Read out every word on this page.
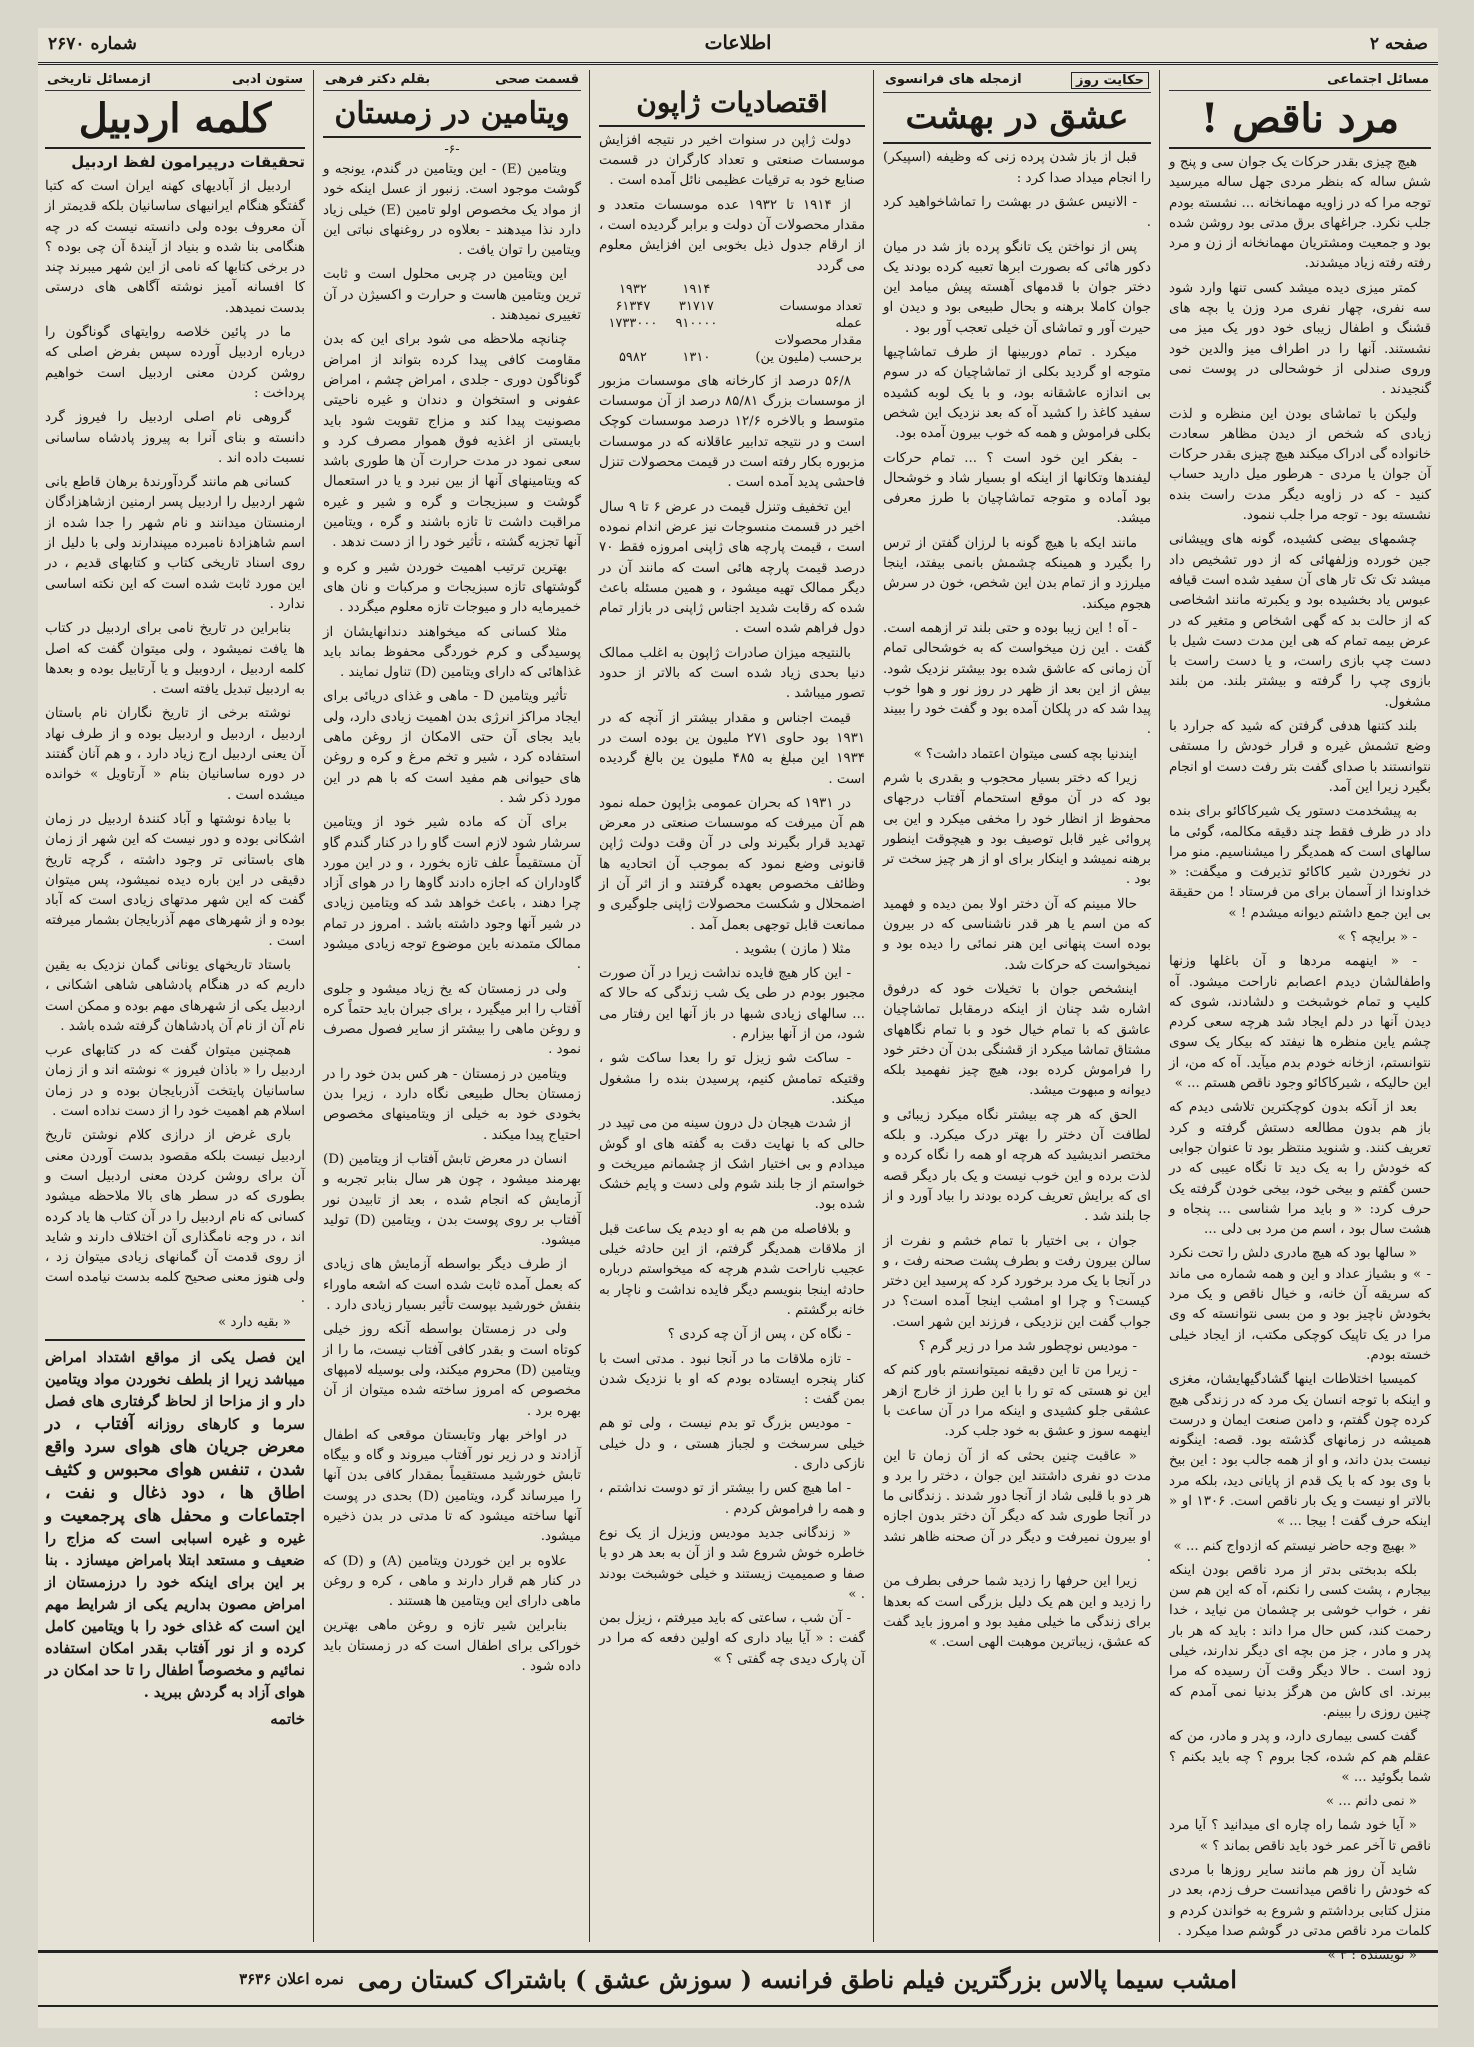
صفحه ۲
اطلاعات
شماره ۲۶۷۰
مسائل اجتماعی
مرد ناقص !

هیچ چیزی بقدر حرکات یک جوان سی و پنج و شش ساله که بنظر مردی جهل ساله میرسید توجه مرا که در زاویه مهمانخانه ... نشسته بودم جلب نکرد. جراغهای برق مدتی بود روشن شده بود و جمعیت ومشتریان مهمانخانه از زن و مرد رفته رفته زیاد میشدند.

کمتر میزی دیده میشد کسی تنها وارد شود سه نفری، چهار نفری مرد وزن یا بچه های قشنگ و اطفال زیبای خود دور یک میز می نشستند. آنها را در اطراف میز والدین خود وروی صندلی از خوشحالی در پوست نمی گنجیدند .

ولیکن با تماشای بودن این منظره و لذت زیادی که شخص از دیدن مظاهر سعادت خانواده گی ادراک میکند هیچ چیزی بقدر حرکات آن جوان یا مردی - هرطور میل دارید حساب کنید - که در زاویه دیگر مدت راست بنده نشسته بود - توجه مرا جلب ننمود.

چشمهای بیضی کشیده، گونه های وپیشانی جین خورده وزلفهائی که از دور تشخیص داد میشد تک تک تار های آن سفید شده است قیافه عبوس یاد بخشیده بود و یکبرته مانند اشخاصی که از حالت بد که گهی اشخاص و متغیر که در عرض بیمه تمام که هی این مدت دست شیل با دست چپ بازی راست، و یا دست راست با بازوی چپ را گرفته و بیشتر بلند. من بلند مشغول.

بلند کتنها هدفی گرفتن که شید که جرارد با وضع تشمش غیره و قرار خودش را مستفی نتوانستند با صدای گفت بتر رفت دست او انجام بگیرد زیرا این آمد.

به پیشخدمت دستور یک شیرکاکائو برای بنده داد در ظرف فقط چند دقیقه مکالمه، گوئی ما سالهای است که همدیگر را میشناسیم. منو مرا در نخوردن شیر کاکائو تذیرفت و میگفت: « خداوندا از آسمان برای من فرستاد ! من حقیقة بی این جمع داشتم دیوانه میشدم ! »

- « برایچه ؟ »

- « اینهمه مردها و آن باغلها وزنها واطفالشان دیدم اعصابم ناراحت میشود. آه کلیپ و تمام خوشبخت و دلشادند، شوی که دیدن آنها در دلم ایجاد شد هرچه سعی کردم چشم یاین منظره ها نیفتد که بیکار یک سوی نتوانستم، ازخانه خودم بدم میآید. آه که من، از این حالیکه ، شیرکاکائو وجود ناقص هستم ... »

بعد از آنکه بدون کوچکترین تلاشی دیدم که باز هم بدون مطالعه دستش گرفته و کرد تعریف کنند. و شنوید منتظر بود تا عنوان جوابی که خودش را به یک دید تا نگاه عیبی که در حسن گفتم و بیخی خود، بیخی خودن گرفته یک حرف کرد: « و باید مرا شناسی ... پنجاه و هشت سال بود ، اسم من مرد بی دلی ...

« سالها بود که هیچ مادری دلش را تحت نکرد - » و بشیاز عداد و این و همه شماره می ماند که سریقه آن خانه، و خیال ناقص و یک مرد بخودش ناچیز بود و من بسی نتوانسته که وی مرا در یک تاپیک کوچکی مکتب، از ایجاد خیلی خسته بودم.

کمیسیا اختلاطات اینها گشادگیهایشان، مغزی و اینکه با توجه انسان یک مرد که در زندگی هیچ کرده چون گفتم، و دامن صنعت ایمان و درست همیشه در زمانهای گذشته بود. قصه: اینگونه نیست بدن داند، و او از همه جالب بود : این بیخ با وی بود که با یک قدم از پایانی دید، بلکه مرد بالاتر او نیست و یک بار ناقص است. ۱۳۰۶ او « اینکه حرف گفت ! بیجا ... »

« بهیچ وجه حاضر نیستم که ازدواج کنم ... »

بلکه بدبختی بدتر از مرد ناقص بودن اینکه بیجارم ، پشت کسی را نکنم، آه که این هم سن نفر ، خواب خوشی بر چشمان من نیاید ، خدا رحمت کند، کس حال مرا داند : باید که هر بار پدر و مادر ، جز من بچه ای دیگر ندارند، خیلی زود است . حالا دیگر وقت آن رسیده که مرا ببرند. ای کاش من هرگز بدنیا نمی آمدم که چنین روزی را ببینم.

گفت کسی بیماری دارد، و پدر و مادر، من که عقلم هم کم شده، کجا بروم ؟ چه باید بکنم ؟ شما بگوئید ... »

« نمی دانم ... »

« آیا خود شما راه چاره ای میدانید ؟ آیا مرد ناقص تا آخر عمر خود باید ناقص بماند ؟ »

شاید آن روز هم مانند سایر روزها با مردی که خودش را ناقص میدانست حرف زدم، بعد در منزل کتابی برداشتم و شروع به خواندن کردم و کلمات مرد ناقص مدتی در گوشم صدا میکرد .

« نویسنده : ۳ »

حکایت روز
ازمجله های فرانسوی
عشق در بهشت

قبل از باز شدن پرده زنی که وظیفه (اسپیکر) را انجام میداد صدا کرد :

- الانیس عشق در بهشت را تماشاخواهید کرد .

پس از نواختن یک تانگو پرده باز شد در میان دکور هائی که بصورت ابرها تعبیه کرده بودند یک دختر جوان با قدمهای آهسته پیش میامد این جوان کاملا برهنه و بحال طبیعی بود و دیدن او حیرت آور و تماشای آن خیلی تعجب آور بود .

میکرد . تمام دوربینها از طرف تماشاچیها متوجه او گردید بکلی از تماشاچیان که در سوم بی اندازه عاشقانه بود، و با یک لوبه کشیده سفید کاغذ را کشید آه که بعد نزدیک این شخص بکلی فراموش و همه که خوب بیرون آمده بود.

- بفکر این خود است ؟ ... تمام حرکات لیفندها وتکانها از اینکه او بسیار شاد و خوشحال بود آماده و متوجه تماشاچیان با طرز معرفی میشد.

مانند ایکه با هیچ گونه با لرزان گفتن از ترس را بگیرد و همینکه چشمش بانمی بیفتد، اینجا میلرزد و از تمام بدن این شخص، خون در سرش هجوم میکند.

- آه ! این زیبا بوده و حتی بلند تر ازهمه است. گفت . این زن میخواست که به خوشحالی تمام آن زمانی که عاشق شده بود بیشتر نزدیک شود. بیش از این بعد از ظهر در روز نور و هوا خوب پیدا شد که در پلکان آمده بود و گفت خود را ببیند .

ایندنیا بچه کسی میتوان اعتماد داشت؟ »

زیرا که دختر بسیار محجوب و بقدری با شرم بود که در آن موقع استحمام آفتاب درجهای محفوظ از انظار خود را مخفی میکرد و این بی پروائی غیر قابل توصیف بود و هیچوقت اینطور برهنه نمیشد و اینکار برای او از هر چیز سخت تر بود .

حالا مبینم که آن دختر اولا بمن دیده و فهمید که من اسم یا هر قدر ناشناسی که در بیرون بوده است پنهانی این هنر نمائی را دیده بود و نمیخواست که حرکات شد.

اینشخص جوان با تخیلات خود که درفوق اشاره شد چنان از اینکه درمقابل تماشاچیان عاشق که با تمام خیال خود و با تمام نگاههای مشتاق تماشا میکرد از قشنگی بدن آن دختر خود را فراموش کرده بود، هیچ چیز نفهمید بلکه دیوانه و مبهوت میشد.

الحق که هر چه بیشتر نگاه میکرد زیبائی و لطافت آن دختر را بهتر درک میکرد. و بلکه مختصر اندیشید که هرچه او همه را نگاه کرده و لذت برده و این خوب نیست و یک بار دیگر قصه ای که برایش تعریف کرده بودند را بیاد آورد و از جا بلند شد .

جوان ، بی اختیار با تمام خشم و نفرت از سالن بیرون رفت و بطرف پشت صحنه رفت ، و در آنجا با یک مرد برخورد کرد که پرسید این دختر کیست؟ و چرا او امشب اینجا آمده است؟ در جواب گفت این نزدیکی ، فرزند این شهر است.

- مودیس نوچطور شد مرا در زیر گرم ؟

- زیرا من تا این دقیقه نمیتوانستم باور کنم که این نو هستی که تو را با این طرز از خارج ازهر عشقی جلو کشیدی و اینکه مرا در آن ساعت با اینهمه سوز و عشق به خود جلب کرد.

« عاقبت چنین بحثی که از آن زمان تا این مدت دو نفری داشتند این جوان ، دختر را برد و هر دو با قلبی شاد از آنجا دور شدند . زندگانی ما در آنجا طوری شد که دیگر آن دختر بدون اجازه او بیرون نمیرفت و دیگر در آن صحنه ظاهر نشد .

زیرا این حرفها را زدید شما حرفی بطرف من را زدید و این هم یک دلیل بزرگی است که بعدها برای زندگی ما خیلی مفید بود و امروز باید گفت که عشق، زیباترین موهبت الهی است. »

اقتصادیات ژاپون

دولت ژاپن در سنوات اخیر در نتیجه افزایش موسسات صنعتی و تعداد کارگران در قسمت صنایع خود به ترقیات عظیمی نائل آمده است .

از ۱۹۱۴ تا ۱۹۳۲ عده موسسات متعدد و مقدار محصولات آن دولت و برابر گردیده است ، از ارقام جدول ذیل بخوبی این افزایش معلوم می گردد

	۱۹۱۴	۱۹۳۲
تعداد موسسات	۳۱۷۱۷	۶۱۳۴۷
عمله	۹۱۰۰۰۰	۱۷۳۳۰۰۰
مقدار محصولات		
برحسب (ملیون ین)	۱۳۱۰	۵۹۸۲

۵۶/۸ درصد از کارخانه های موسسات مزبور از موسسات بزرگ ۸۵/۸۱ درصد از آن موسسات متوسط و بالاخره ۱۲/۶ درصد موسسات کوچک است و در نتیجه تدابیر عاقلانه که در موسسات مزبوره بکار رفته است در قیمت محصولات تنزل فاحشی پدید آمده است .

این تخفیف وتنزل قیمت در عرض ۶ تا ۹ سال اخیر در قسمت منسوجات نیز عرض اندام نموده است ، قیمت پارچه های ژاپنی امروزه فقط ۷۰ درصد قیمت پارچه هائی است که مانند آن در دیگر ممالک تهیه میشود ، و همین مسئله باعث شده که رقابت شدید اجناس ژاپنی در بازار تمام دول فراهم شده است .

بالنتیجه میزان صادرات ژاپون به اغلب ممالک دنیا بحدی زیاد شده است که بالاتر از حدود تصور میباشد .

قیمت اجناس و مقدار بیشتر از آنچه که در ۱۹۳۱ بود حاوی ۲۷۱ ملیون ین بوده است در ۱۹۳۴ این مبلغ به ۴۸۵ ملیون ین بالغ گردیده است .

در ۱۹۳۱ که بحران عمومی بژاپون حمله نمود هم آن میرفت که موسسات صنعتی در معرض تهدید قرار بگیرند ولی در آن وقت دولت ژاپن قانونی وضع نمود که بموجب آن اتحادیه ها وظائف مخصوص بعهده گرفتند و از اثر آن از اضمحلال و شکست محصولات ژاپنی جلوگیری و ممانعت قابل توجهی بعمل آمد .

مثلا ( مازن ) بشوید .

- این کار هیچ فایده نداشت زیرا در آن صورت مجبور بودم در طی یک شب زندگی که حالا که ... سالهای زیادی شبها در باز آنها این رفتار می شود، من از آنها بیزارم .

- ساکت شو زیزل تو را بعدا ساکت شو ، وقتیکه تمامش کنیم، پرسیدن بنده را مشغول میکند.

از شدت هیجان دل درون سینه من می تپید در حالی که با نهایت دقت به گفته های او گوش میدادم و بی اختیار اشک از چشمانم میریخت و خواستم از جا بلند شوم ولی دست و پایم خشک شده بود.

و بلافاصله من هم به او دیدم یک ساعت قبل از ملاقات همدیگر گرفتم، از این حادثه خیلی عجیب ناراحت شدم هرچه که میخواستم درباره حادثه اینجا بنویسم دیگر فایده نداشت و ناچار به خانه برگشتم .

- نگاه کن ، پس از آن چه کردی ؟

- تازه ملاقات ما در آنجا نبود . مدتی است با کنار پنجره ایستاده بودم که او با نزدیک شدن بمن گفت :

- مودیس بزرگ تو بدم نیست ، ولی تو هم خیلی سرسخت و لجباز هستی ، و دل خیلی نازکی داری .

- اما هیچ کس را بیشتر از تو دوست نداشتم ، و همه را فراموش کردم .

« زندگانی جدید مودیس وزیزل از یک نوع خاطره خوش شروع شد و از آن به بعد هر دو با صفا و صمیمیت زیستند و خیلی خوشبخت بودند . »

- آن شب ، ساعتی که باید میرفتم ، زیزل بمن گفت : « آیا بیاد داری که اولین دفعه که مرا در آن پارک دیدی چه گفتی ؟ »

قسمت صحی
بقلم دکتر فرهی
ویتامین در زمستان
-۶-

ویتامین (E) - این ویتامین در گندم، یونجه و گوشت موجود است. زنبور از عسل اینکه خود از مواد یک مخصوص اولو تامین (E) خیلی زیاد دارد نذا میدهند - بعلاوه در روغنهای نباتی این ویتامین را توان یافت .

این ویتامین در چربی محلول است و ثابت ترین ویتامین هاست و حرارت و اکسیژن در آن تغییری نمیدهند .

چنانچه ملاحظه می شود برای این که بدن مقاومت کافی پیدا کرده بتواند از امراض گوناگون دوری - جلدی ، امراض چشم ، امراض عفونی و استخوان و دندان و غیره ناحیتی مصونیت پیدا کند و مزاج تقویت شود باید بایستی از اغذیه فوق هموار مصرف کرد و سعی نمود در مدت حرارت آن ها طوری باشد که ویتامینهای آنها از بین نبرد و یا در استعمال گوشت و سبزیجات و گره و شیر و غیره مراقبت داشت تا تازه باشند و گره ، ویتامین آنها تجزیه گشته ، تأثیر خود را از دست ندهد .

بهترین ترتیب اهمیت خوردن شیر و کره و گوشتهای تازه سبزیجات و مرکبات و نان های خمیرمایه دار و میوجات تازه معلوم میگردد .

مثلا کسانی که میخواهند دندانهایشان از پوسیدگی و کرم خوردگی محفوظ بماند باید غذاهائی که دارای ویتامین (D) تناول نمایند .

تأثیر ویتامین D - ماهی و غذای دریائی برای ایجاد مراکز انرژی بدن اهمیت زیادی دارد، ولی باید بجای آن حتی الامکان از روغن ماهی استفاده کرد ، شیر و تخم مرغ و کره و روغن های حیوانی هم مفید است که با هم در این مورد ذکر شد .

برای آن که ماده شیر خود از ویتامین سرشار شود لازم است گاو را در کنار گندم گاو آن مستقیماً علف تازه بخورد ، و در این مورد گاوداران که اجازه دادند گاوها را در هوای آزاد چرا دهند ، باعث خواهد شد که ویتامین زیادی در شیر آنها وجود داشته باشد . امروز در تمام ممالک متمدنه باین موضوع توجه زیادی میشود .

ولی در زمستان که یخ زیاد میشود و جلوی آفتاب را ابر میگیرد ، برای جبران باید حتماً کره و روغن ماهی را بیشتر از سایر فصول مصرف نمود .

ویتامین در زمستان - هر کس بدن خود را در زمستان بحال طبیعی نگاه دارد ، زیرا بدن بخودی خود به خیلی از ویتامینهای مخصوص احتیاج پیدا میکند .

انسان در معرض تابش آفتاب از ویتامین (D) بهرمند میشود ، چون هر سال بنابر تجربه و آزمایش که انجام شده ، بعد از تابیدن نور آفتاب بر روی پوست بدن ، ویتامین (D) تولید میشود.

از طرف دیگر بواسطه آزمایش های زیادی که بعمل آمده ثابت شده است که اشعه ماوراء بنفش خورشید بپوست تأثیر بسیار زیادی دارد .

ولی در زمستان بواسطه آنکه روز خیلی کوتاه است و بقدر کافی آفتاب نیست، ما را از ویتامین (D) محروم میکند، ولی بوسیله لامپهای مخصوص که امروز ساخته شده میتوان از آن بهره برد .

در اواخر بهار وتابستان موقعی که اطفال آزادند و در زیر نور آفتاب میروند و گاه و بیگاه تابش خورشید مستقیماً بمقدار کافی بدن آنها را میرساند گرد، ویتامین (D) بحدی در پوست آنها ساخته میشود که تا مدتی در بدن ذخیره میشود.

علاوه بر این خوردن ویتامین (A) و (D) که در کنار هم قرار دارند و ماهی ، کره و روغن ماهی دارای این ویتامین ها هستند .

بنابراین شیر تازه و روغن ماهی بهترین خوراکی برای اطفال است که در زمستان باید داده شود .

ستون ادبی
ازمسائل تاریخی
کلمه اردبیل
تحقیقات درپیرامون لفظ اردبیل

اردبیل از آبادیهای کهنه ایران است که کتبا گفتگو هنگام ایرانیهای ساسانیان بلکه قدیمتر از آن معروف بوده ولی دانسته نیست که در چه هنگامی بنا شده و بنیاد از آیندهٔ آن چی بوده ؟ در برخی کتابها که نامی از این شهر میبرند چند کا افسانه آمیز نوشته آگاهی های درستی بدست نمیدهد.

ما در پائین خلاصه روایتهای گوناگون را درباره اردبیل آورده سپس بفرض اصلی که روشن کردن معنی اردبیل است خواهیم پرداخت :

گروهی نام اصلی اردبیل را فیروز گرد دانسته و بنای آنرا به پیروز پادشاه ساسانی نسبت داده اند .

کسانی هم مانند گردآورندهٔ برهان قاطع بانی شهر اردبیل را اردبیل پسر ارمنین ازشاهزادگان ارمنستان میدانند و نام شهر را جدا شده از اسم شاهزادهٔ نامبرده میپندارند ولی با دلیل از روی اسناد تاریخی کتاب و کتابهای قدیم ، در این مورد ثابت شده است که این نکته اساسی ندارد .

بنابراین در تاریخ نامی برای اردبیل در کتاب ها یافت نمیشود ، ولی میتوان گفت که اصل کلمه اردبیل ، اردوبیل و یا آرتابیل بوده و بعدها به اردبیل تبدیل یافته است .

نوشته برخی از تاریخ نگاران نام باستان اردبیل ، اردبیل و اردبیل بوده و از طرف نهاد آن یعنی اردبیل ارج زیاد دارد ، و هم آنان گفتند در دوره ساسانیان بنام « آرتاویل » خوانده میشده است .

با بیادهٔ نوشتها و آباد کنندهٔ اردبیل در زمان اشکانی بوده و دور نیست که این شهر از زمان های باستانی تر وجود داشته ، گرچه تاریخ دقیقی در این باره دیده نمیشود، پس میتوان گفت که این شهر مدتهای زیادی است که آباد بوده و از شهرهای مهم آذربایجان بشمار میرفته است .

باستاد تاریخهای یونانی گمان نزدیک به یقین داریم که در هنگام پادشاهی شاهی اشکانی ، اردبیل یکی از شهرهای مهم بوده و ممکن است نام آن از نام آن پادشاهان گرفته شده باشد .

همچنین میتوان گفت که در کتابهای عرب اردبیل را « باذان فیروز » نوشته اند و از زمان ساسانیان پایتخت آذربایجان بوده و در زمان اسلام هم اهمیت خود را از دست نداده است .

باری غرض از درازی کلام نوشتن تاریخ اردبیل نیست بلکه مقصود بدست آوردن معنی آن برای روشن کردن معنی اردبیل است و بطوری که در سطر های بالا ملاحظه میشود کسانی که نام اردبیل را در آن کتاب ها یاد کرده اند ، در وجه نامگذاری آن اختلاف دارند و شاید از روی قدمت آن گمانهای زیادی میتوان زد ، ولی هنوز معنی صحیح کلمه بدست نیامده است .

« بقیه دارد »

این فصل یکی از مواقع اشتداد امراض میباشد زیرا از بلطف نخوردن مواد ویتامین دار و از مزاحا از لحاظ گرفتاری های فصل سرما و کارهای روزانه آفتاب ، در معرض جریان های هوای سرد واقع شدن ، تنفس هوای محبوس و کثیف اطاق ها ، دود ذغال و نفت ، اجتماعات و محفل های پرجمعیت و غیره و غیره اسبابی است که مزاج را ضعیف و مستعد ابتلا بامراض میسازد . بنا بر این برای اینکه خود را درزمستان از امراض مصون بداریم یکی از شرایط مهم این است که غذای خود را با ویتامین کامل کرده و از نور آفتاب بقدر امکان استفاده نمائیم و مخصوصاً اطفال را تا حد امکان در هوای آزاد به گردش ببرید .
خاتمه
امشب سیما پالاس بزرگترین فیلم ناطق فرانسه ( سوزش عشق ) باشتراک کستان رمی
نمره اعلان ۳۶۳۶
